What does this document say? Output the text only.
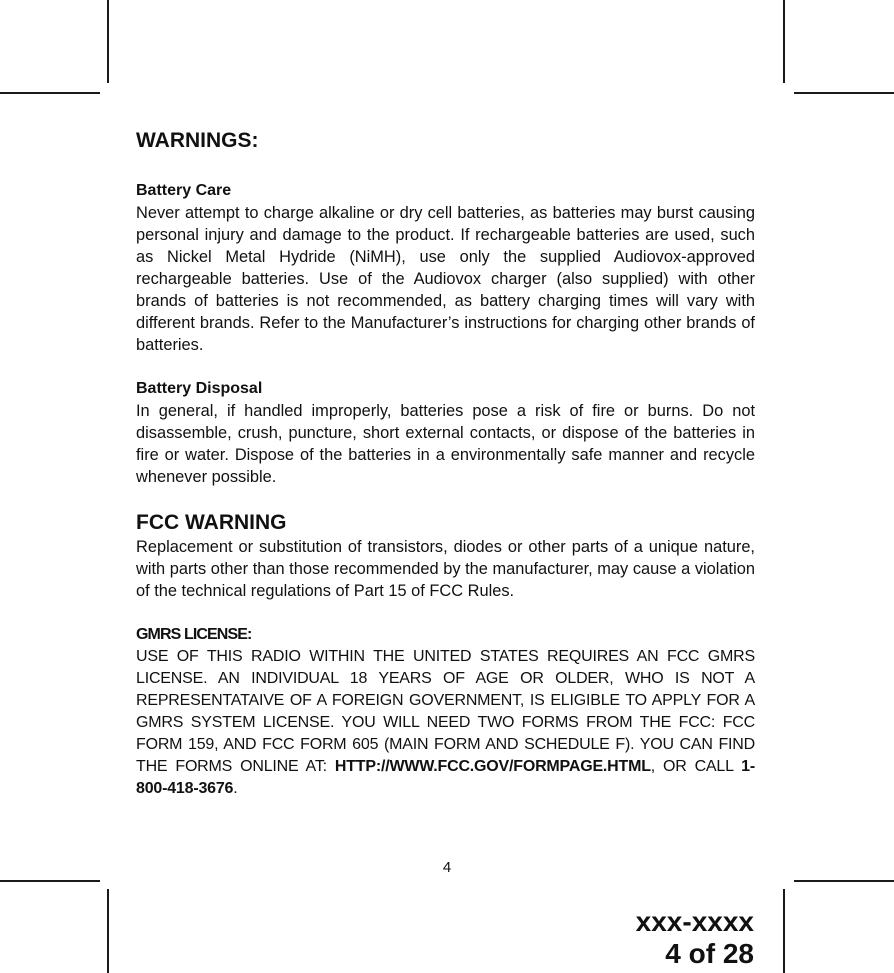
WARNINGS:
Battery Care

Never attempt to charge alkaline or dry cell batteries, as batteries may burst causing personal injury and damage to the product. If rechargeable batteries are used, such as Nickel Metal Hydride (NiMH), use only the supplied Audiovox-approved rechargeable batteries. Use of the Audiovox charger (also supplied) with other brands of batteries is not recommended, as battery charging times will vary with different brands. Refer to the Manufacturer’s instructions for charging other brands of batteries.

Battery Disposal

In general, if handled improperly, batteries pose a risk of fire or burns. Do not disassemble, crush, puncture, short external contacts, or dispose of the batteries in fire or water. Dispose of the batteries in a environmentally safe manner and recycle whenever possible.

FCC WARNING

Replacement or substitution of transistors, diodes or other parts of a unique nature, with parts other than those recommended by the manufacturer, may cause a violation of the technical regulations of Part 15 of FCC Rules.

GMRS LICENSE:

USE OF THIS RADIO WITHIN THE UNITED STATES REQUIRES AN FCC GMRS LICENSE. AN INDIVIDUAL 18 YEARS OF AGE OR OLDER, WHO IS NOT A REPRESENTATAIVE OF A FOREIGN GOVERNMENT, IS ELIGIBLE TO APPLY FOR A GMRS SYSTEM LICENSE. YOU WILL NEED TWO FORMS FROM THE FCC: FCC FORM 159, AND FCC FORM 605 (MAIN FORM AND SCHEDULE F). YOU CAN FIND THE FORMS ONLINE AT: HTTP://WWW.FCC.GOV/FORMPAGE.HTML, OR CALL 1-800-418-3676.

4
xxx-xxxx
4 of 28
